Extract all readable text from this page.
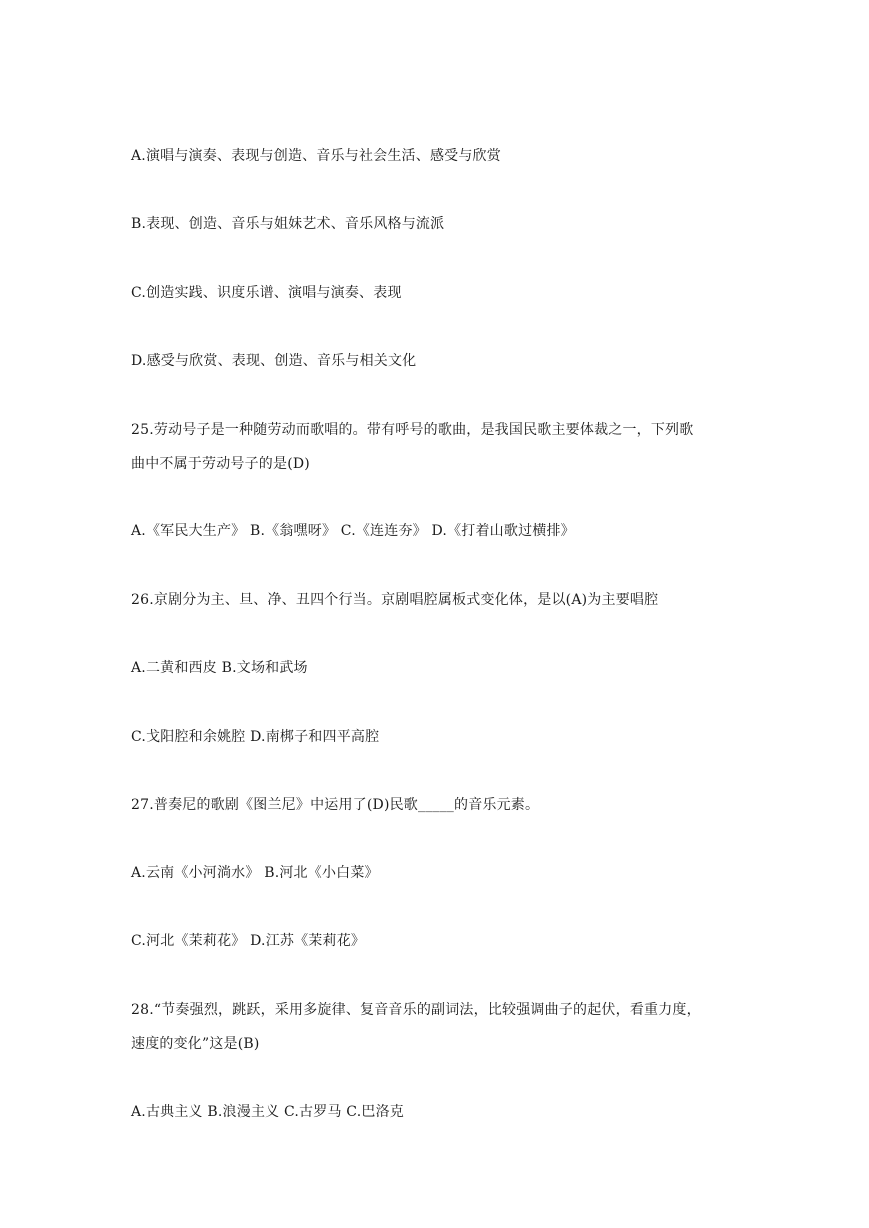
A.演唱与演奏、表现与创造、音乐与社会生活、感受与欣赏
B.表现、创造、音乐与姐妹艺术、音乐风格与流派
C.创造实践、识度乐谱、演唱与演奏、表现
D.感受与欣赏、表现、创造、音乐与相关文化
25.劳动号子是一种随劳动而歌唱的。带有呼号的歌曲，是我国民歌主要体裁之一，下列歌
曲中不属于劳动号子的是(D)
A.《军民大生产》 B.《翁嘿呀》 C.《连连夯》 D.《打着山歌过横排》
26.京剧分为主、旦、净、丑四个行当。京剧唱腔属板式变化体，是以(A)为主要唱腔
A.二黄和西皮 B.文场和武场
C.戈阳腔和余姚腔 D.南梆子和四平高腔
27.普奏尼的歌剧《图兰尼》中运用了(D)民歌_____的音乐元素。
A.云南《小河淌水》 B.河北《小白菜》
C.河北《茉莉花》 D.江苏《茉莉花》
28.“节奏强烈，跳跃，采用多旋律、复音音乐的副词法，比较强调曲子的起伏，看重力度，
速度的变化”这是(B)
A.古典主义 B.浪漫主义 C.古罗马 C.巴洛克
